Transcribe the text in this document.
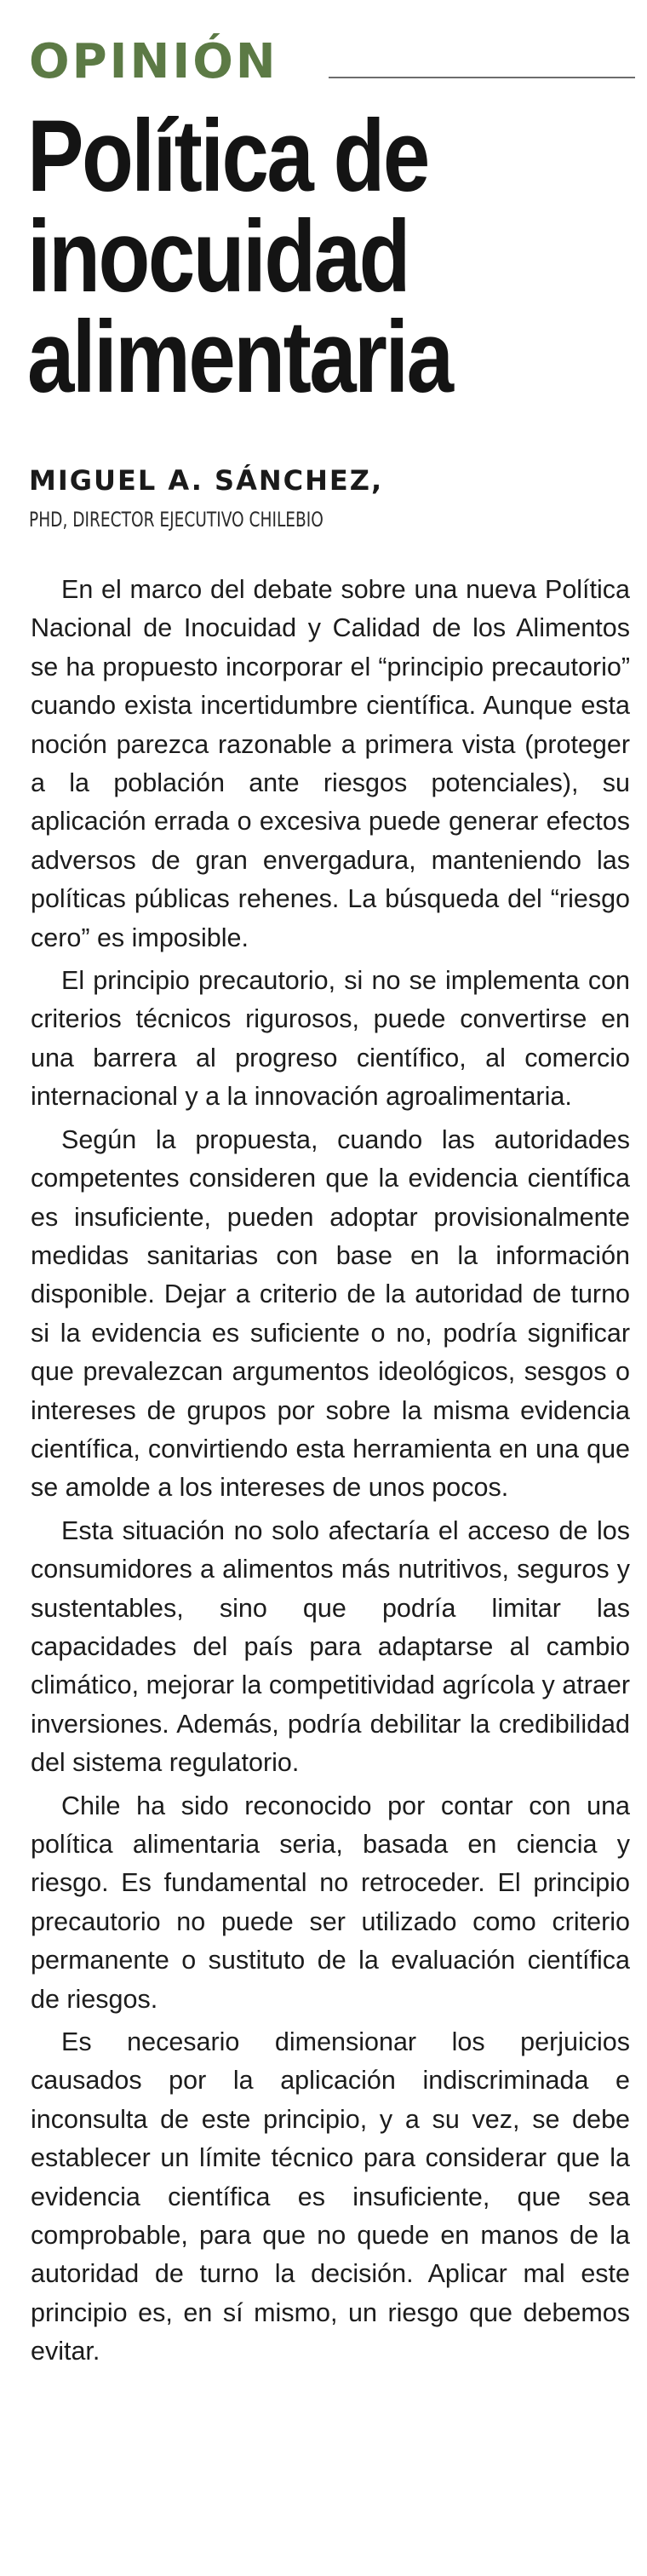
OPINIÓN
Política de
inocuidad
alimentaria
MIGUEL A. SÁNCHEZ,
PHD, DIRECTOR EJECUTIVO CHILEBIO

En el marco del debate sobre una nueva Política Nacional de Inocuidad y Calidad de los Alimentos se ha propuesto incorporar el “principio precautorio” cuando exista incertidumbre científica. Aunque esta noción parezca razonable a primera vista (proteger a la población ante riesgos potenciales), su aplicación errada o excesiva puede generar efectos adversos de gran envergadura, manteniendo las políticas públicas rehenes. La búsqueda del “riesgo cero” es imposible.

El principio precautorio, si no se implementa con criterios técnicos rigurosos, puede convertirse en una barrera al progreso científico, al comercio internacional y a la innovación agroalimentaria.

Según la propuesta, cuando las autoridades competentes consideren que la evidencia científica es insuficiente, pueden adoptar provisionalmente medidas sanitarias con base en la información disponible. Dejar a criterio de la autoridad de turno si la evidencia es suficiente o no, podría significar que prevalezcan argumentos ideológicos, sesgos o intereses de grupos por sobre la misma evidencia científica, convirtiendo esta herramienta en una que se amolde a los intereses de unos pocos.

Esta situación no solo afectaría el acceso de los consumidores a alimentos más nutritivos, seguros y sustentables, sino que podría limitar las capacidades del país para adaptarse al cambio climático, mejorar la competitividad agrícola y atraer inversiones. Además, podría debilitar la credibilidad del sistema regulatorio.

Chile ha sido reconocido por contar con una política alimentaria seria, basada en ciencia y riesgo. Es fundamental no retroceder. El principio precautorio no puede ser utilizado como criterio permanente o sustituto de la evaluación científica de riesgos.

Es necesario dimensionar los perjuicios causados por la aplicación indiscriminada e inconsulta de este principio, y a su vez, se debe establecer un límite técnico para considerar que la evidencia científica es insuficiente, que sea comprobable, para que no quede en manos de la autoridad de turno la decisión. Aplicar mal este principio es, en sí mismo, un riesgo que debemos evitar.
